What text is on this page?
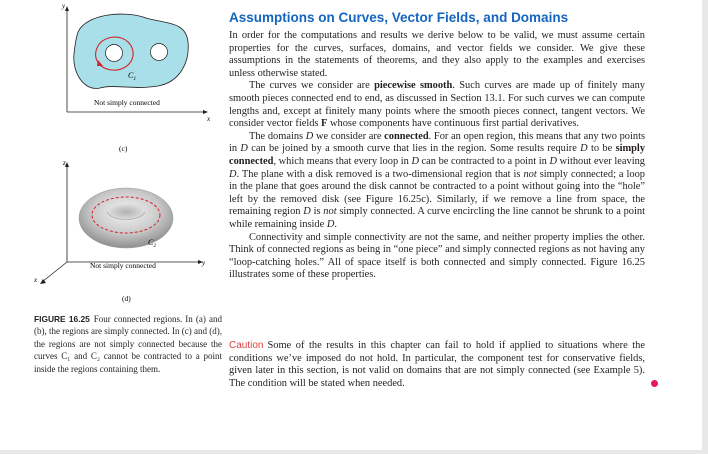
y
x
$C_1$
Not simply connected
(c)
z
y
x
$C_2$
Not simply connected
(d)
FIGURE 16.25 Four connected regions. In (a) and (b), the regions are simply connected. In (c) and (d), the regions are not simply connected because the curves C₁ and C₂ cannot be contracted to a point inside the regions containing them.
Assumptions on Curves, Vector Fields, and Domains

In order for the computations and results we derive below to be valid, we must assume certain properties for the curves, surfaces, domains, and vector fields we consider. We give these assumptions in the statements of theorems, and they also apply to the examples and exercises unless otherwise stated.

The curves we consider are piecewise smooth. Such curves are made up of finitely many smooth pieces connected end to end, as discussed in Section 13.1. For such curves we can compute lengths and, except at finitely many points where the smooth pieces connect, tangent vectors. We consider vector fields F whose components have continuous first partial derivatives.

The domains D we consider are connected. For an open region, this means that any two points in D can be joined by a smooth curve that lies in the region. Some results require D to be simply connected, which means that every loop in D can be contracted to a point in D without ever leaving D. The plane with a disk removed is a two-dimensional region that is not simply connected; a loop in the plane that goes around the disk cannot be contracted to a point without going into the “hole” left by the removed disk (see Figure 16.25c). Similarly, if we remove a line from space, the remaining region D is not simply connected. A curve encircling the line cannot be shrunk to a point while remaining inside D.

Connectivity and simple connectivity are not the same, and neither property implies the other. Think of connected regions as being in “one piece” and simply connected regions as not having any “loop-catching holes.” All of space itself is both connected and simply connected. Figure 16.25 illustrates some of these properties.

Caution Some of the results in this chapter can fail to hold if applied to situations where the conditions we’ve imposed do not hold. In particular, the component test for conservative fields, given later in this section, is not valid on domains that are not simply connected (see Example 5). The condition will be stated when needed.
